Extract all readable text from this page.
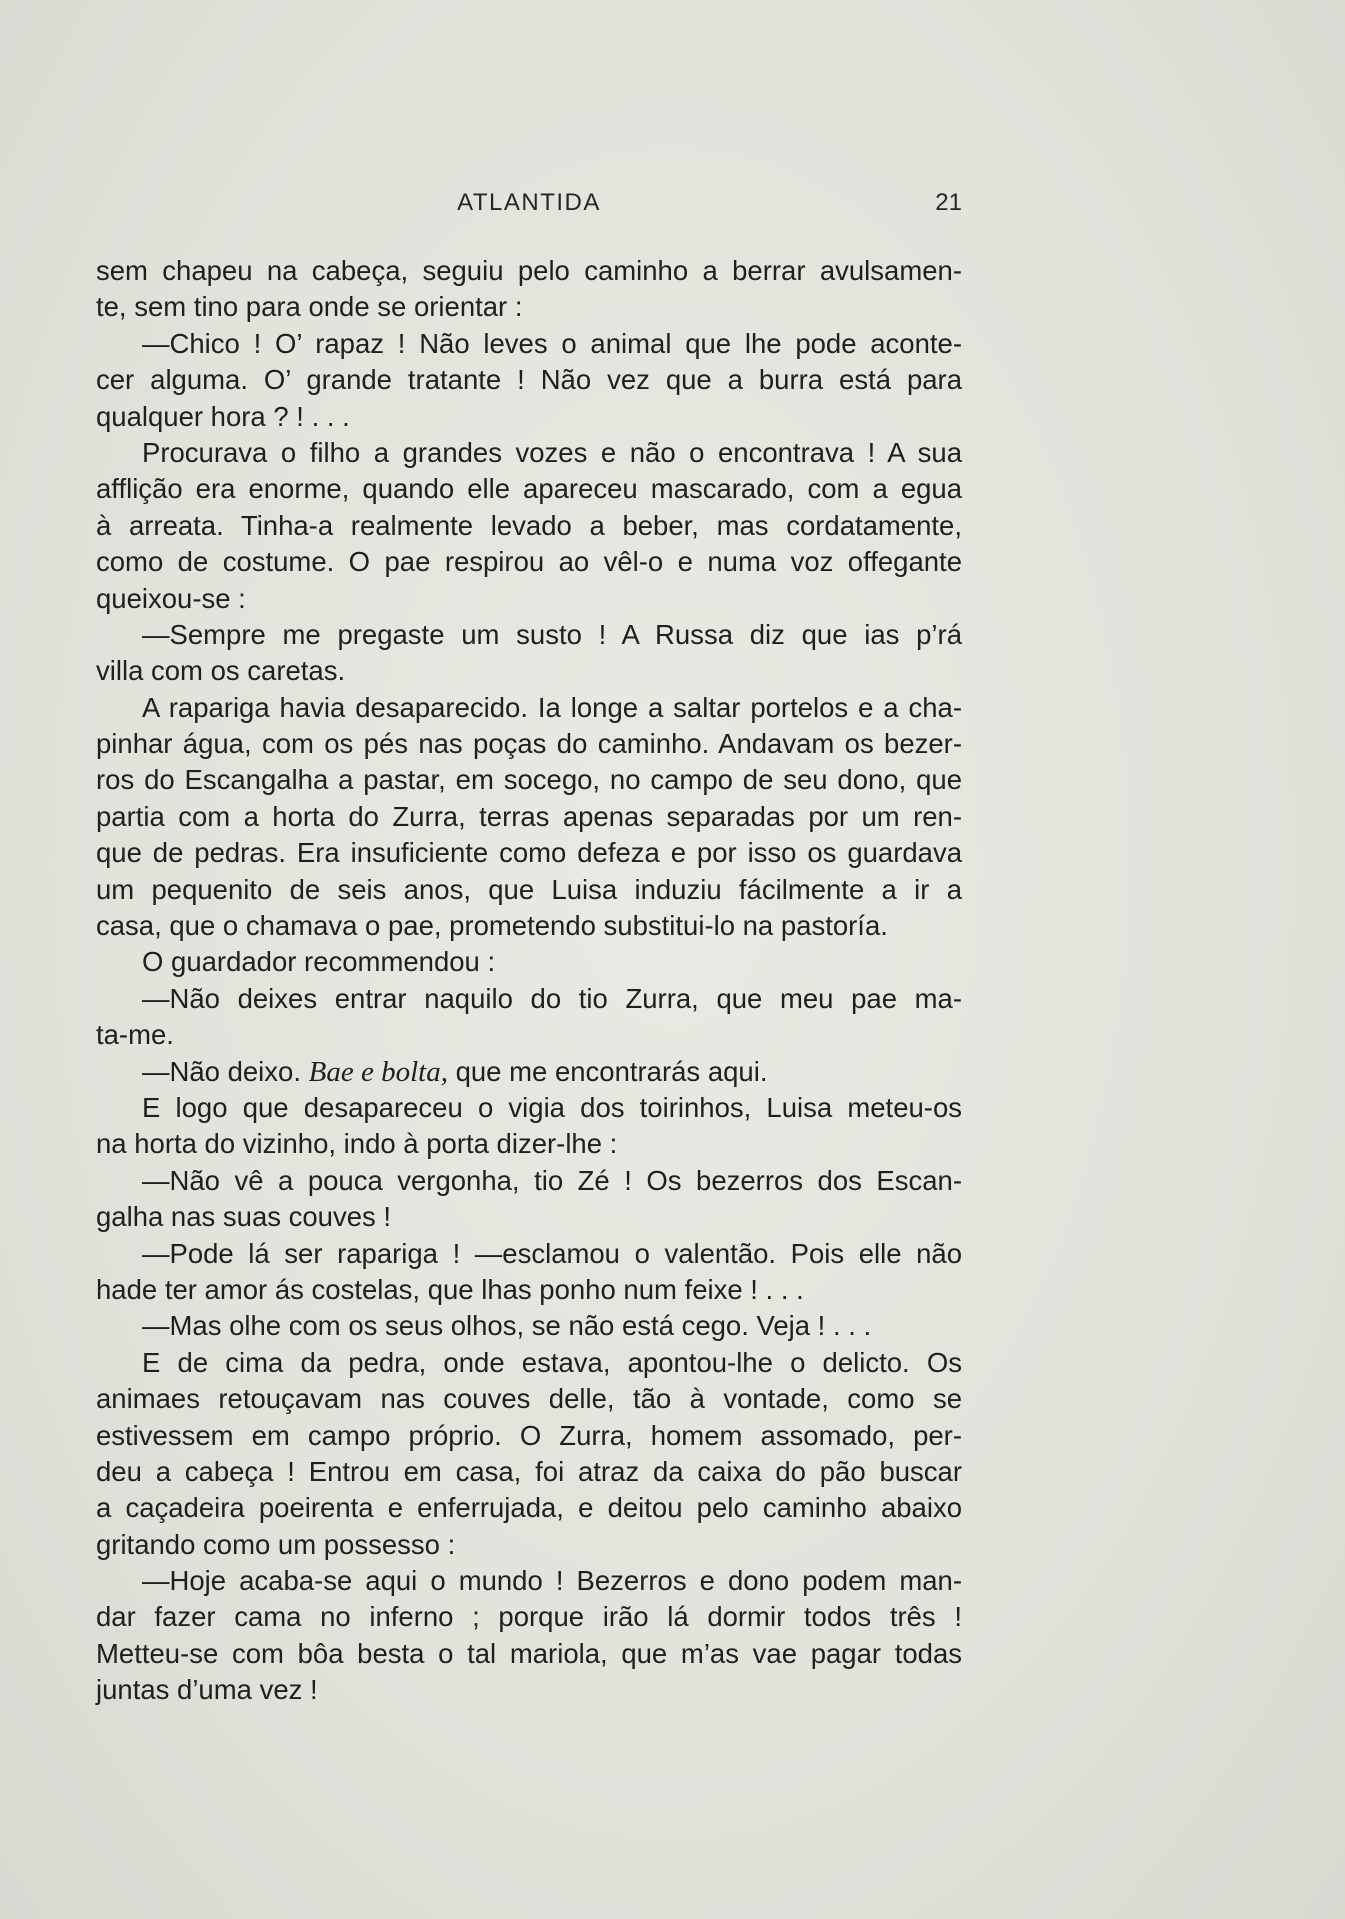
ATLANTIDA	21
sem chapeu na cabeça, seguiu pelo caminho a berrar avulsamen-
te, sem tino para onde se orientar :
—Chico ! O’ rapaz ! Não leves o animal que lhe pode aconte-
cer alguma. O’ grande tratante ! Não vez que a burra está para
qualquer hora ? ! . . .
Procurava o filho a grandes vozes e não o encontrava ! A sua
afflição era enorme, quando elle apareceu mascarado, com a egua
à arreata. Tinha-a realmente levado a beber, mas cordatamente,
como de costume. O pae respirou ao vêl-o e numa voz offegante
queixou-se :
—Sempre me pregaste um susto ! A Russa diz que ias p’rá
villa com os caretas.
A rapariga havia desaparecido. Ia longe a saltar portelos e a cha-
pinhar água, com os pés nas poças do caminho. Andavam os bezer-
ros do Escangalha a pastar, em socego, no campo de seu dono, que
partia com a horta do Zurra, terras apenas separadas por um ren-
que de pedras. Era insuficiente como defeza e por isso os guardava
um pequenito de seis anos, que Luisa induziu fácilmente a ir a
casa, que o chamava o pae, prometendo substitui-lo na pastoría.
O guardador recommendou :
—Não deixes entrar naquilo do tio Zurra, que meu pae ma-
ta-me.
—Não deixo. Bae e bolta, que me encontrarás aqui.
E logo que desapareceu o vigia dos toirinhos, Luisa meteu-os
na horta do vizinho, indo à porta dizer-lhe :
—Não vê a pouca vergonha, tio Zé ! Os bezerros dos Escan-
galha nas suas couves !
—Pode lá ser rapariga ! —esclamou o valentão. Pois elle não
hade ter amor ás costelas, que lhas ponho num feixe ! . . .
—Mas olhe com os seus olhos, se não está cego. Veja ! . . .
E de cima da pedra, onde estava, apontou-lhe o delicto. Os
animaes retouçavam nas couves delle, tão à vontade, como se
estivessem em campo próprio. O Zurra, homem assomado, per-
deu a cabeça ! Entrou em casa, foi atraz da caixa do pão buscar
a caçadeira poeirenta e enferrujada, e deitou pelo caminho abaixo
gritando como um possesso :
—Hoje acaba-se aqui o mundo ! Bezerros e dono podem man-
dar fazer cama no inferno ; porque irão lá dormir todos três !
Metteu-se com bôa besta o tal mariola, que m’as vae pagar todas
juntas d’uma vez !
